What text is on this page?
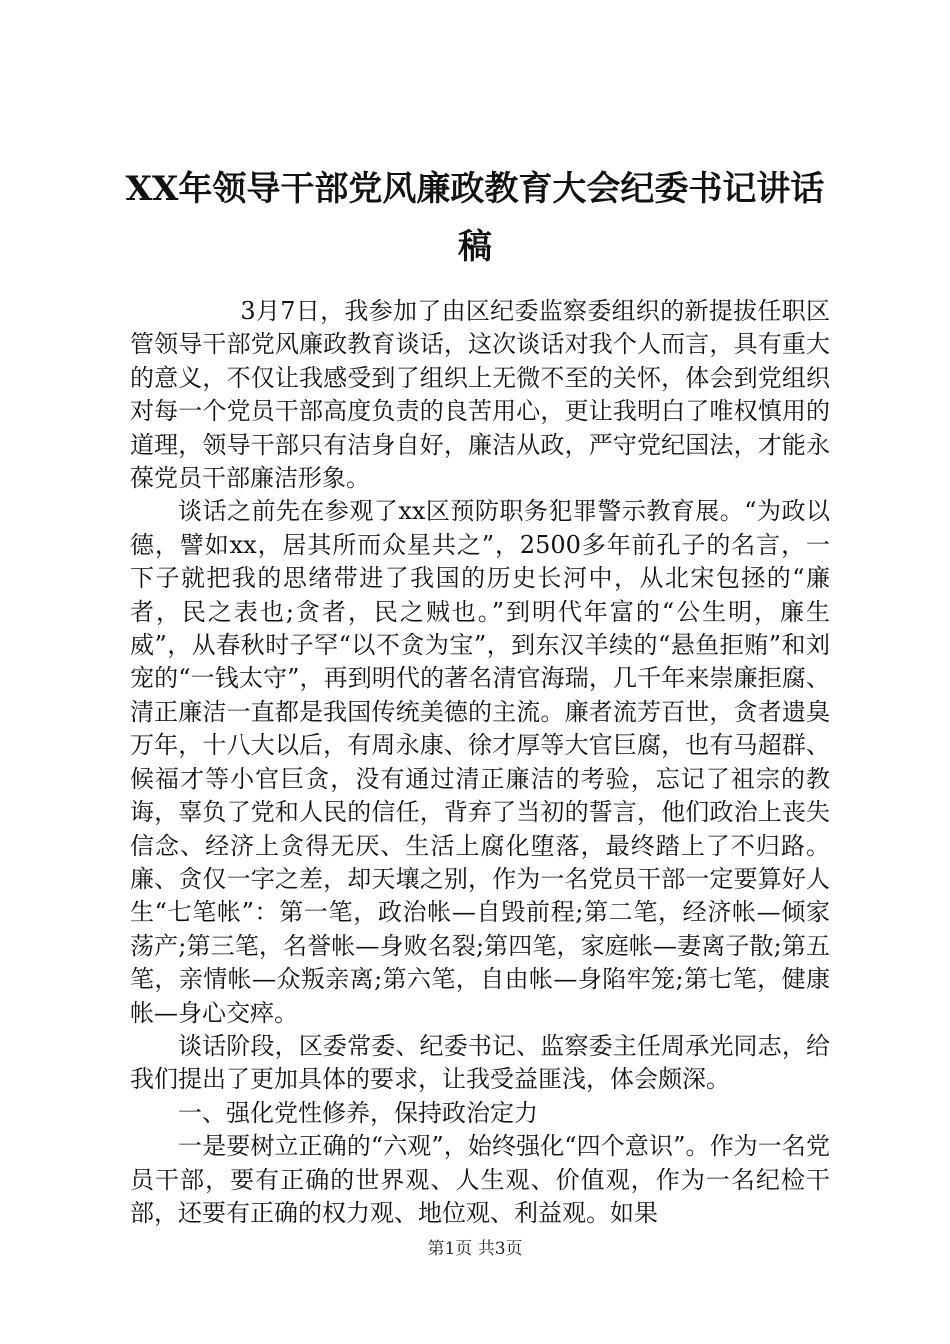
XX年领导干部党风廉政教育大会纪委书记讲话稿

3月7日，我参加了由区纪委监察委组织的新提拔任职区管领导干部党风廉政教育谈话，这次谈话对我个人而言，具有重大的意义，不仅让我感受到了组织上无微不至的关怀，体会到党组织对每一个党员干部高度负责的良苦用心，更让我明白了唯权慎用的道理，领导干部只有洁身自好，廉洁从政，严守党纪国法，才能永葆党员干部廉洁形象。

谈话之前先在参观了xx区预防职务犯罪警示教育展。“为政以德，譬如xx，居其所而众星共之”，2500多年前孔子的名言，一下子就把我的思绪带进了我国的历史长河中，从北宋包拯的“廉者，民之表也;贪者，民之贼也。”到明代年富的“公生明，廉生威”，从春秋时子罕“以不贪为宝”，到东汉羊续的“悬鱼拒贿”和刘宠的“一钱太守”，再到明代的著名清官海瑞，几千年来崇廉拒腐、清正廉洁一直都是我国传统美德的主流。廉者流芳百世，贪者遗臭万年，十八大以后，有周永康、徐才厚等大官巨腐，也有马超群、候福才等小官巨贪，没有通过清正廉洁的考验，忘记了祖宗的教诲，辜负了党和人民的信任，背弃了当初的誓言，他们政治上丧失信念、经济上贪得无厌、生活上腐化堕落，最终踏上了不归路。廉、贪仅一字之差，却天壤之别，作为一名党员干部一定要算好人生“七笔帐”：第一笔，政治帐—自毁前程;第二笔，经济帐—倾家荡产;第三笔，名誉帐—身败名裂;第四笔，家庭帐—妻离子散;第五笔，亲情帐—众叛亲离;第六笔，自由帐—身陷牢笼;第七笔，健康帐—身心交瘁。

谈话阶段，区委常委、纪委书记、监察委主任周承光同志，给我们提出了更加具体的要求，让我受益匪浅，体会颇深。

一、强化党性修养，保持政治定力

一是要树立正确的“六观”，始终强化“四个意识”。作为一名党员干部，要有正确的世界观、人生观、价值观，作为一名纪检干部，还要有正确的权力观、地位观、利益观。如果

第1页 共3页
